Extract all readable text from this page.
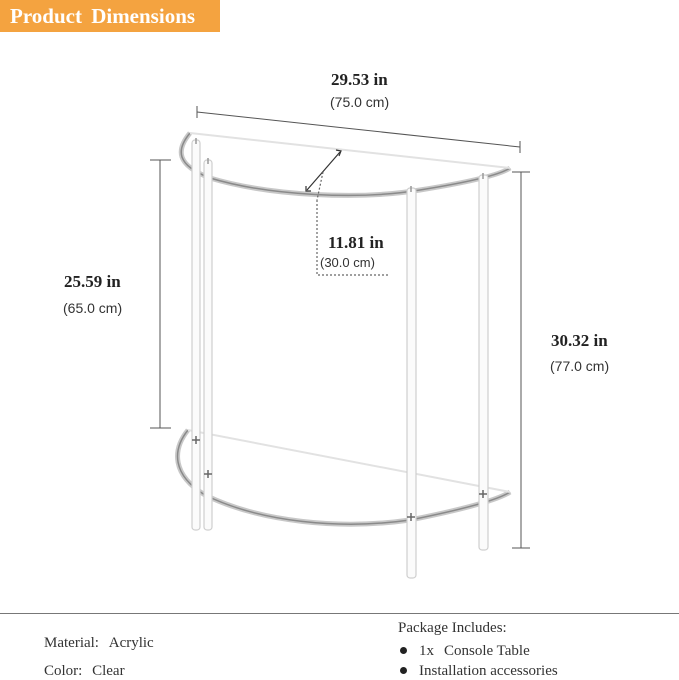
Product Dimensions
29.53 in
(75.0 cm)
11.81 in
(30.0 cm)
25.59 in
(65.0 cm)
30.32 in
(77.0 cm)
Material: Acrylic
Color: Clear
Package Includes:
1x Console Table
Installation accessories
